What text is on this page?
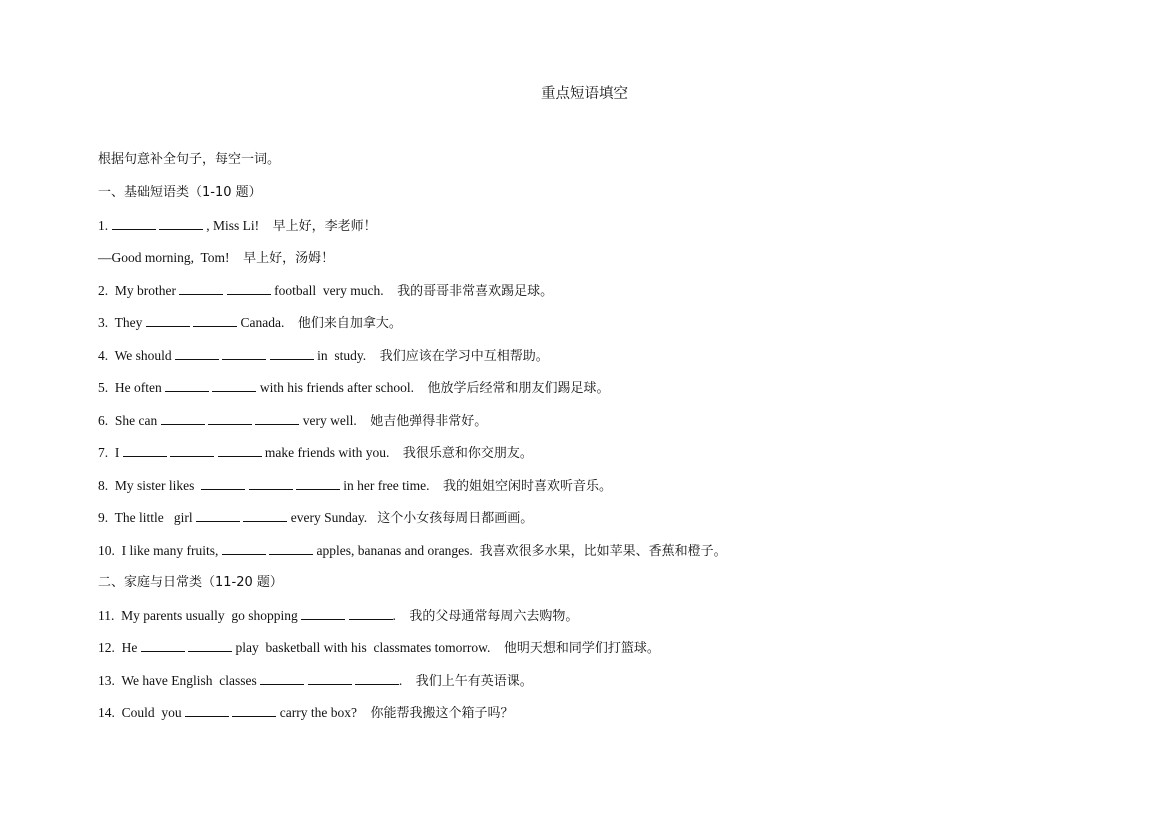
重点短语填空
根据句意补全句子，每空一词。
一、基础短语类（1-10 题）
1.	, Miss Li! 早上好，李老师！
—Good morning,  Tom! 早上好，汤姆！
2.  My brother	football  very much. 我的哥哥非常喜欢踢足球。
3.  They	Canada. 他们来自加拿大。
4.  We should	in  study. 我们应该在学习中互相帮助。
5.  He often	with his friends after school. 他放学后经常和朋友们踢足球。
6.  She can	very well. 她吉他弹得非常好。
7.  I	make friends with you. 我很乐意和你交朋友。
8.  My sister likes	in her free time. 我的姐姐空闲时喜欢听音乐。
9.  The little   girl	every Sunday. 这个小女孩每周日都画画。
10.  I like many fruits,	apples, bananas and oranges. 我喜欢很多水果，比如苹果、香蕉和橙子。
二、家庭与日常类（11-20 题）
11.  My parents usually  go shopping	. 我的父母通常每周六去购物。
12.  He	play  basketball with his  classmates tomorrow. 他明天想和同学们打篮球。
13.  We have English  classes	. 我们上午有英语课。
14.  Could  you	carry the box? 你能帮我搬这个箱子吗？
